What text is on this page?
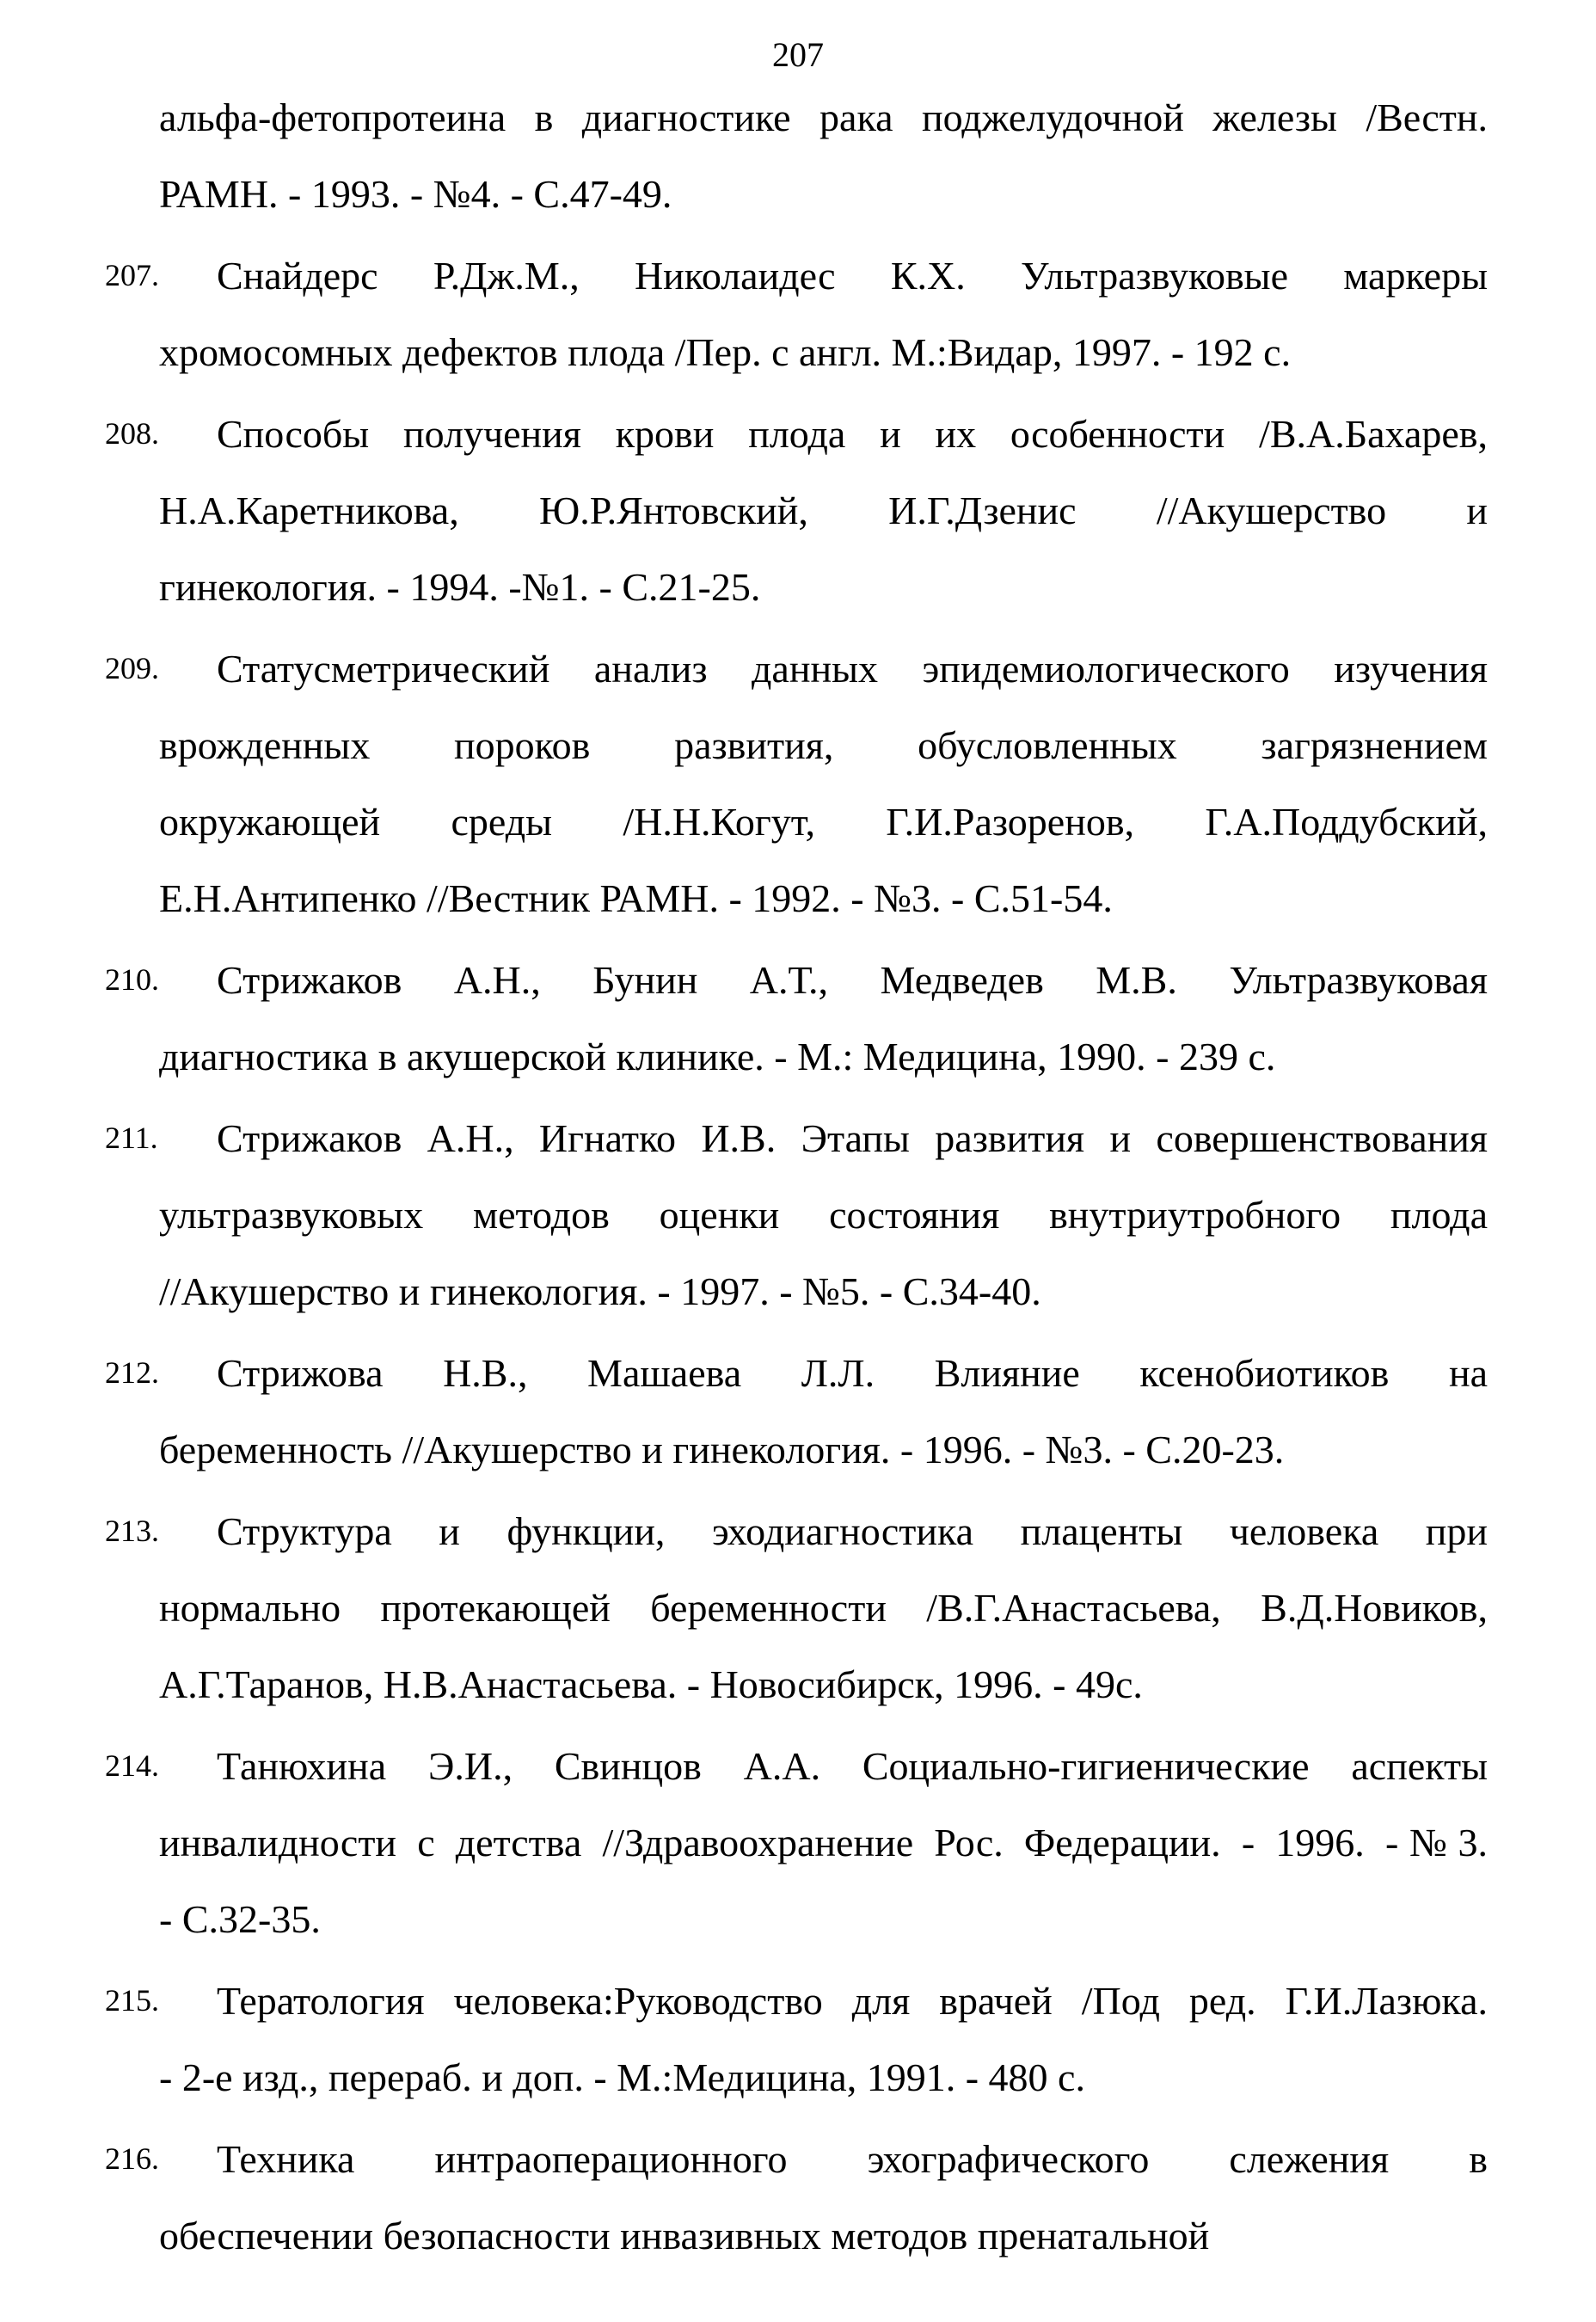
207
альфа-фетопротеина в диагностике рака поджелудочной железы /Вестн.
РАМН. - 1993. - №4. - С.47-49.
207.	Снайдерс Р.Дж.М., Николаидес К.Х. Ультразвуковые маркеры
хромосомных дефектов плода /Пер. с англ. М.:Видар, 1997. - 192 с.
208.	Способы получения крови плода и их особенности /В.А.Бахарев,
Н.А.Каретникова, Ю.Р.Янтовский, И.Г.Дзенис //Акушерство и
гинекология. - 1994. -№1. - С.21-25.
209.	Статусметрический анализ данных эпидемиологического изучения
врожденных пороков развития, обусловленных загрязнением
окружающей среды /Н.Н.Когут, Г.И.Разоренов, Г.А.Поддубский,
Е.Н.Антипенко //Вестник РАМН. - 1992. - №3. - С.51-54.
210.	Стрижаков А.Н., Бунин А.Т., Медведев М.В. Ультразвуковая
диагностика в акушерской клинике. - М.: Медицина, 1990. - 239 с.
211.	Стрижаков А.Н., Игнатко И.В. Этапы развития и совершенствования
ультразвуковых методов оценки состояния внутриутробного плода
//Акушерство и гинекология. - 1997. - №5. - С.34-40.
212.	Стрижова Н.В., Машаева Л.Л. Влияние ксенобиотиков на
беременность //Акушерство и гинекология. - 1996. - №3. - С.20-23.
213.	Структура и функции, эходиагностика плаценты человека при
нормально протекающей беременности /В.Г.Анастасьева, В.Д.Новиков,
А.Г.Таранов, Н.В.Анастасьева. - Новосибирск, 1996. - 49с.
214.	Танюхина Э.И., Свинцов А.А. Социально-гигиенические аспекты
инвалидности с детства //Здравоохранение Рос. Федерации. - 1996. -№3.
- С.32-35.
215.	Тератология человека:Руководство для врачей /Под ред. Г.И.Лазюка.
- 2-е изд., перераб. и доп. - М.:Медицина, 1991. - 480 с.
216.	Техника интраоперационного эхографического слежения в
обеспечении безопасности инвазивных методов пренатальной
